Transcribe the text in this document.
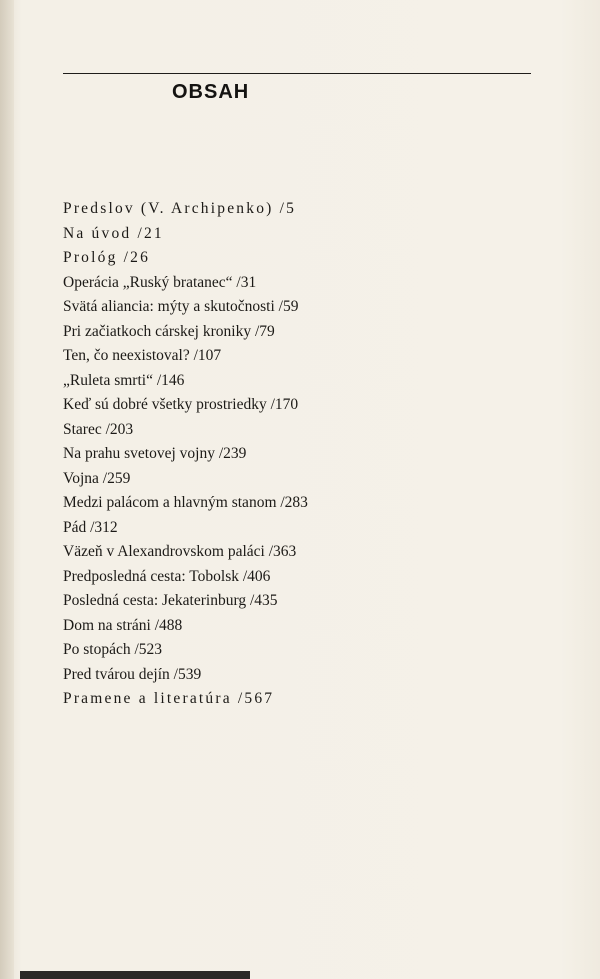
OBSAH
Predslov (V. Archipenko) /5
Na úvod /21
Prológ /26
Operácia „Ruský bratanec“ /31
Svätá aliancia: mýty a skutočnosti /59
Pri začiatkoch cárskej kroniky /79
Ten, čo neexistoval? /107
„Ruleta smrti“ /146
Keď sú dobré všetky prostriedky /170
Starec /203
Na prahu svetovej vojny /239
Vojna /259
Medzi palácom a hlavným stanom /283
Pád /312
Väzeň v Alexandrovskom paláci /363
Predposledná cesta: Tobolsk /406
Posledná cesta: Jekaterinburg /435
Dom na stráni /488
Po stopách /523
Pred tvárou dejín /539
Pramene a literatúra /567
